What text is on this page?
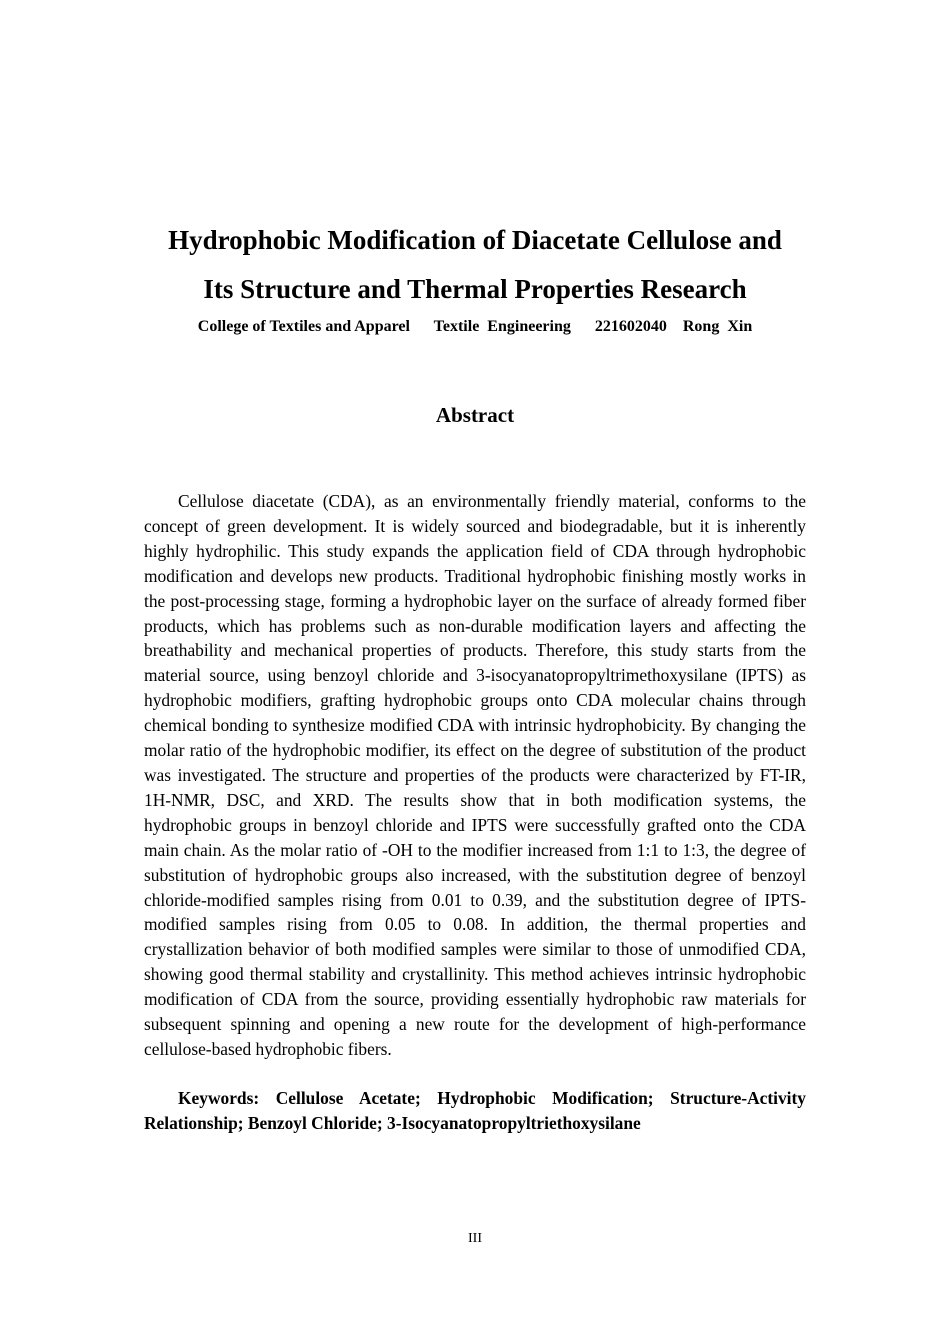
Hydrophobic Modification of Diacetate Cellulose and
Its Structure and Thermal Properties Research
College of Textiles and Apparel Textile  Engineering 221602040 Rong  Xin
Abstract

Cellulose diacetate (CDA), as an environmentally friendly material, conforms to the concept of green development. It is widely sourced and biodegradable, but it is inherently highly hydrophilic. This study expands the application field of CDA through hydrophobic modification and develops new products. Traditional hydrophobic finishing mostly works in the post-processing stage, forming a hydrophobic layer on the surface of already formed fiber products, which has problems such as non-durable modification layers and affecting the breathability and mechanical properties of products. Therefore, this study starts from the material source, using benzoyl chloride and 3-isocyanatopropyltrimethoxysilane (IPTS) as hydrophobic modifiers, grafting hydrophobic groups onto CDA molecular chains through chemical bonding to synthesize modified CDA with intrinsic hydrophobicity. By changing the molar ratio of the hydrophobic modifier, its effect on the degree of substitution of the product was investigated. The structure and properties of the products were characterized by FT-IR, 1H-NMR, DSC, and XRD. The results show that in both modification systems, the hydrophobic groups in benzoyl chloride and IPTS were successfully grafted onto the CDA main chain. As the molar ratio of -OH to the modifier increased from 1:1 to 1:3, the degree of substitution of hydrophobic groups also increased, with the substitution degree of benzoyl chloride-modified samples rising from 0.01 to 0.39, and the substitution degree of IPTS-modified samples rising from 0.05 to 0.08. In addition, the thermal properties and crystallization behavior of both modified samples were similar to those of unmodified CDA, showing good thermal stability and crystallinity. This method achieves intrinsic hydrophobic modification of CDA from the source, providing essentially hydrophobic raw materials for subsequent spinning and opening a new route for the development of high-performance cellulose-based hydrophobic fibers.

Keywords: Cellulose Acetate; Hydrophobic Modification; Structure-Activity Relationship; Benzoyl Chloride; 3-Isocyanatopropyltriethoxysilane

III
